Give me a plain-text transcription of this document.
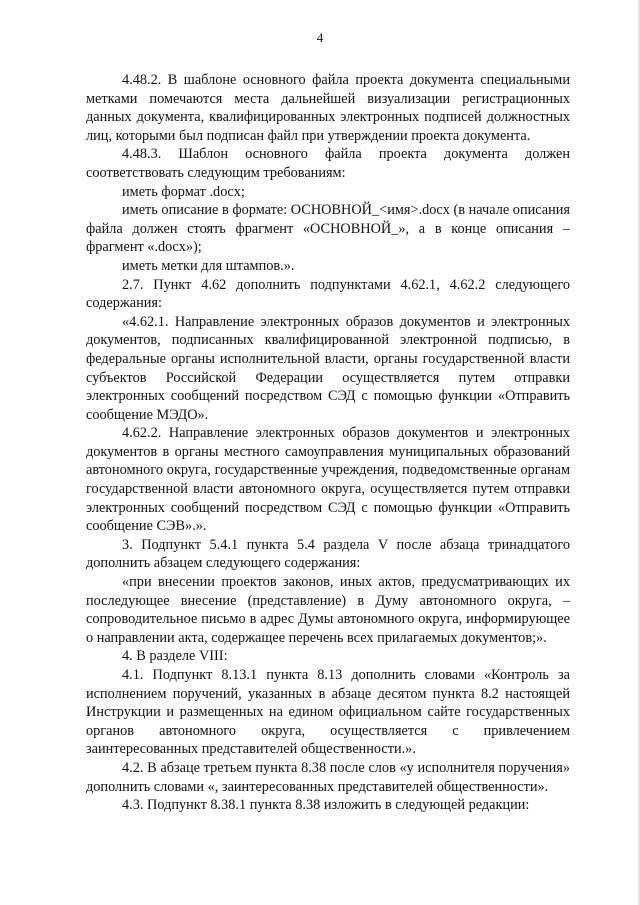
4

4.48.2. В шаблоне основного файла проекта документа специальными метками помечаются места дальнейшей визуализации регистрационных данных документа, квалифицированных электронных подписей должностных лиц, которыми был подписан файл при утверждении проекта документа.

4.48.3. Шаблон основного файла проекта документа должен соответствовать следующим требованиям:

иметь формат .docx;

иметь описание в формате: ОСНОВНОЙ_<имя>.docx (в начале описания файла должен стоять фрагмент «ОСНОВНОЙ_», а в конце описания – фрагмент «.docx»);

иметь метки для штампов.».

2.7. Пункт 4.62 дополнить подпунктами 4.62.1, 4.62.2 следующего содержания:

«4.62.1. Направление электронных образов документов и электронных документов, подписанных квалифицированной электронной подписью, в федеральные органы исполнительной власти, органы государственной власти субъектов Российской Федерации осуществляется путем отправки электронных сообщений посредством СЭД с помощью функции «Отправить сообщение МЭДО».

4.62.2. Направление электронных образов документов и электронных документов в органы местного самоуправления муниципальных образований автономного округа, государственные учреждения, подведомственные органам государственной власти автономного округа, осуществляется путем отправки электронных сообщений посредством СЭД с помощью функции «Отправить сообщение СЭВ».».

3. Подпункт 5.4.1 пункта 5.4 раздела V после абзаца тринадцатого дополнить абзацем следующего содержания:

«при внесении проектов законов, иных актов, предусматривающих их последующее внесение (представление) в Думу автономного округа, – сопроводительное письмо в адрес Думы автономного округа, информирующее о направлении акта, содержащее перечень всех прилагаемых документов;».

4. В разделе VIII:

4.1. Подпункт 8.13.1 пункта 8.13 дополнить словами «Контроль за исполнением поручений, указанных в абзаце десятом пункта 8.2 настоящей Инструкции и размещенных на едином официальном сайте государственных органов автономного округа, осуществляется с привлечением заинтересованных представителей общественности.».

4.2. В абзаце третьем пункта 8.38 после слов «у исполнителя поручения» дополнить словами «, заинтересованных представителей общественности».

4.3. Подпункт 8.38.1 пункта 8.38 изложить в следующей редакции:
